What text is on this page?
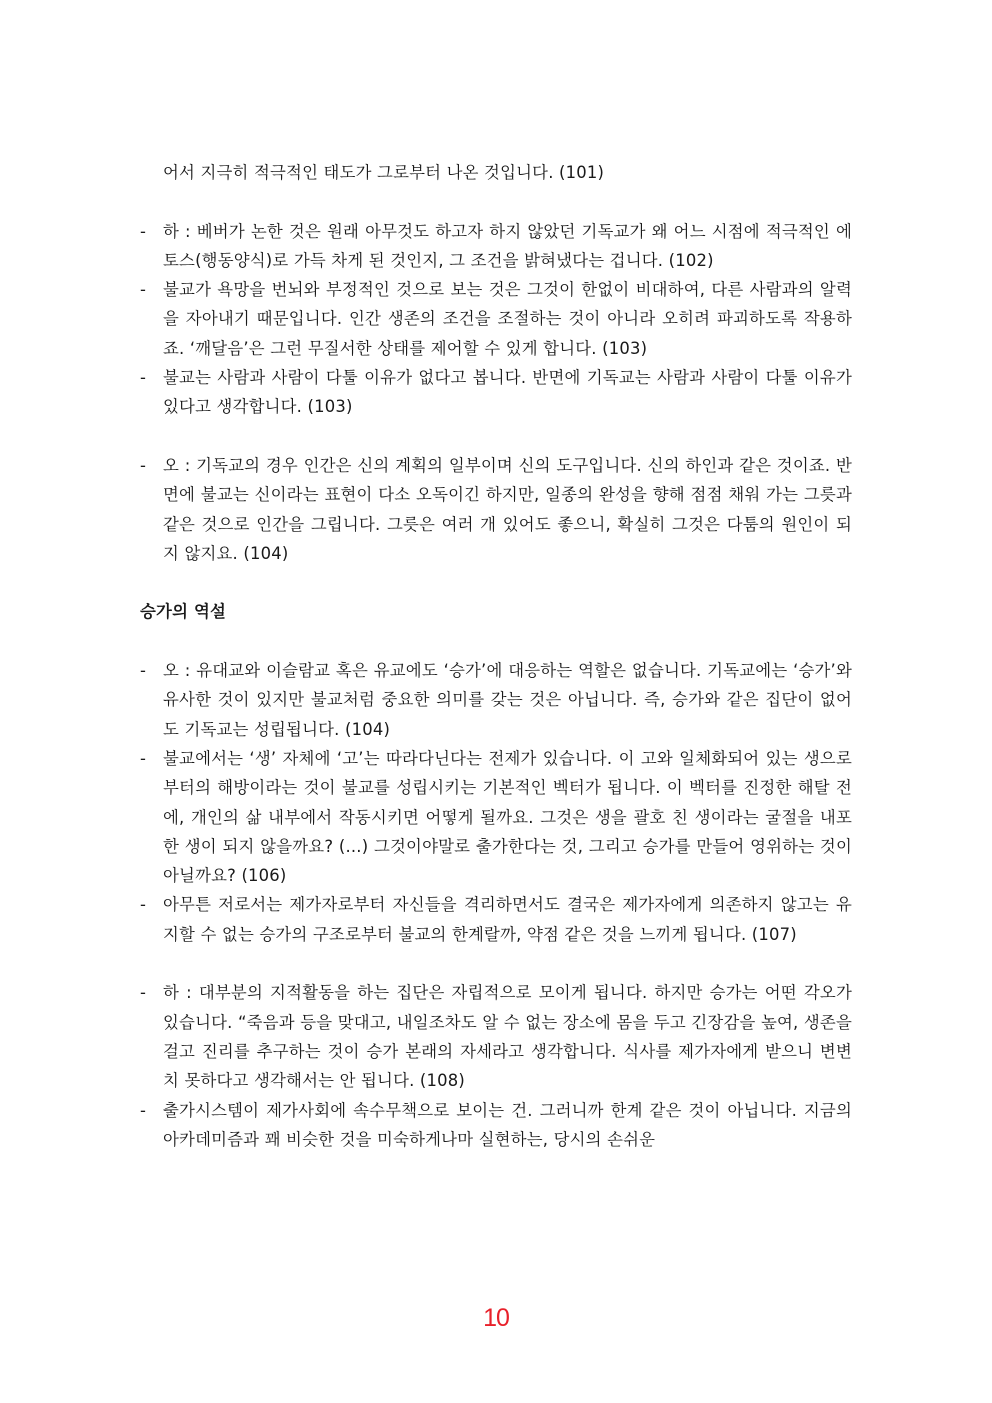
어서 지극히 적극적인 태도가 그로부터 나온 것입니다. (101)

- 하 : 베버가 논한 것은 원래 아무것도 하고자 하지 않았던 기독교가 왜 어느 시점에 적극적인 에토스(행동양식)로 가득 차게 된 것인지, 그 조건을 밝혀냈다는 겁니다. (102)

- 불교가 욕망을 번뇌와 부정적인 것으로 보는 것은 그것이 한없이 비대하여, 다른 사람과의 알력을 자아내기 때문입니다. 인간 생존의 조건을 조절하는 것이 아니라 오히려 파괴하도록 작용하죠. ‘깨달음’은 그런 무질서한 상태를 제어할 수 있게 합니다. (103)

- 불교는 사람과 사람이 다툴 이유가 없다고 봅니다. 반면에 기독교는 사람과 사람이 다툴 이유가 있다고 생각합니다. (103)

- 오 : 기독교의 경우 인간은 신의 계획의 일부이며 신의 도구입니다. 신의 하인과 같은 것이죠. 반면에 불교는 신이라는 표현이 다소 오독이긴 하지만, 일종의 완성을 향해 점점 채워 가는 그릇과 같은 것으로 인간을 그립니다. 그릇은 여러 개 있어도 좋으니, 확실히 그것은 다툼의 원인이 되지 않지요. (104)

승가의 역설

- 오 : 유대교와 이슬람교 혹은 유교에도 ‘승가’에 대응하는 역할은 없습니다. 기독교에는 ‘승가’와 유사한 것이 있지만 불교처럼 중요한 의미를 갖는 것은 아닙니다. 즉, 승가와 같은 집단이 없어도 기독교는 성립됩니다. (104)

- 불교에서는 ‘생’ 자체에 ‘고’는 따라다닌다는 전제가 있습니다. 이 고와 일체화되어 있는 생으로부터의 해방이라는 것이 불교를 성립시키는 기본적인 벡터가 됩니다. 이 벡터를 진정한 해탈 전에, 개인의 삶 내부에서 작동시키면 어떻게 될까요. 그것은 생을 괄호 친 생이라는 굴절을 내포한 생이 되지 않을까요? (...) 그것이야말로 출가한다는 것, 그리고 승가를 만들어 영위하는 것이 아닐까요? (106)

- 아무튼 저로서는 제가자로부터 자신들을 격리하면서도 결국은 제가자에게 의존하지 않고는 유지할 수 없는 승가의 구조로부터 불교의 한계랄까, 약점 같은 것을 느끼게 됩니다. (107)

- 하 : 대부분의 지적활동을 하는 집단은 자립적으로 모이게 됩니다. 하지만 승가는 어떤 각오가 있습니다. “죽음과 등을 맞대고, 내일조차도 알 수 없는 장소에 몸을 두고 긴장감을 높여, 생존을 걸고 진리를 추구하는 것이 승가 본래의 자세라고 생각합니다. 식사를 제가자에게 받으니 변변치 못하다고 생각해서는 안 됩니다. (108)

- 출가시스템이 제가사회에 속수무책으로 보이는 건. 그러니까 한계 같은 것이 아닙니다. 지금의 아카데미즘과 꽤 비슷한 것을 미숙하게나마 실현하는, 당시의 손쉬운

10
